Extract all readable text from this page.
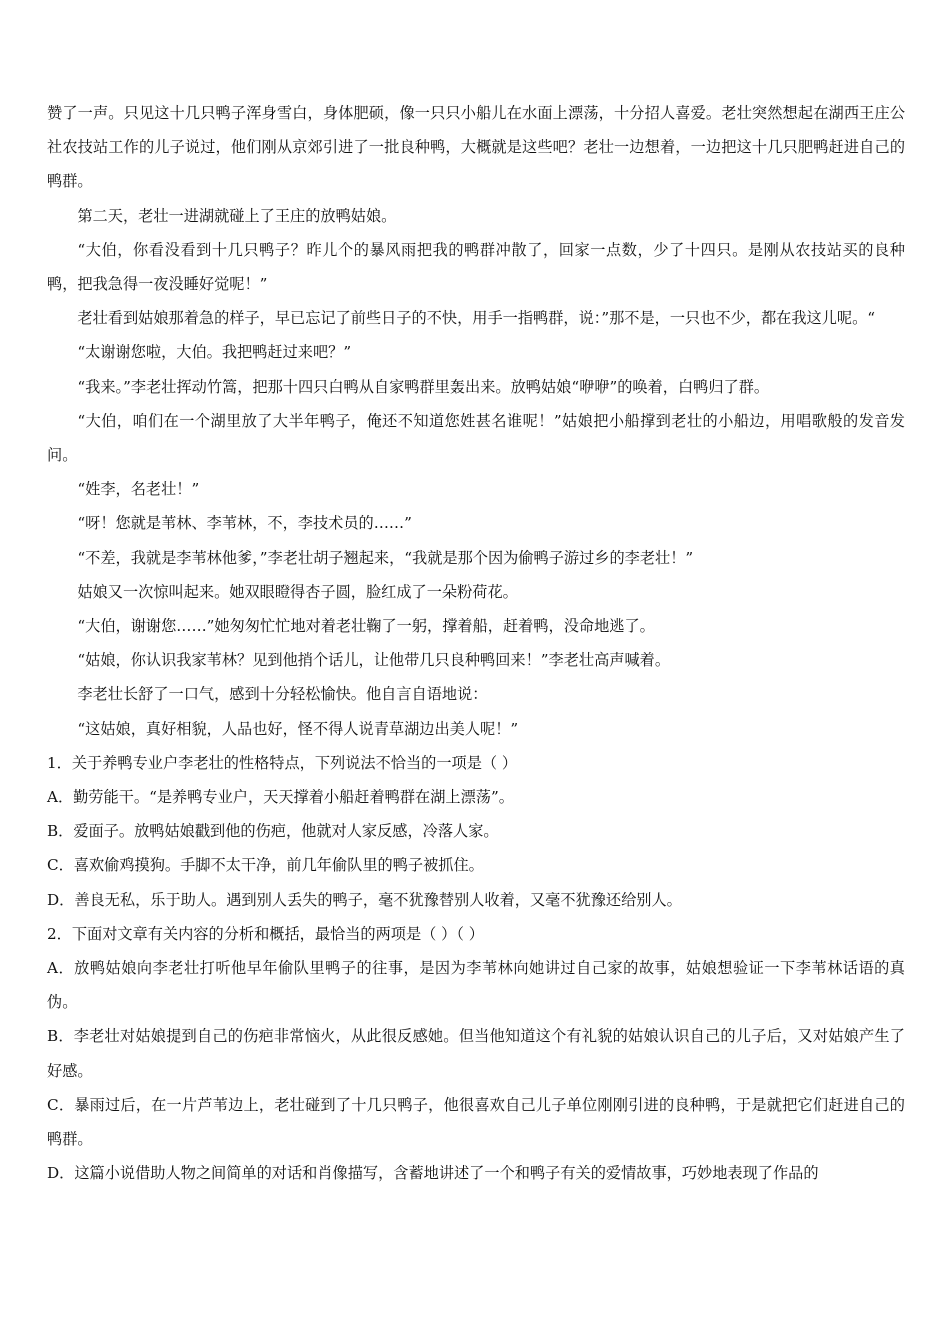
赞了一声。只见这十几只鸭子浑身雪白，身体肥硕，像一只只小船儿在水面上漂荡，十分招人喜爱。老壮突然想起在湖西王庄公社农技站工作的儿子说过，他们刚从京郊引进了一批良种鸭，大概就是这些吧？老壮一边想着，一边把这十几只肥鸭赶进自己的鸭群。

第二天，老壮一进湖就碰上了王庄的放鸭姑娘。

“大伯，你看没看到十几只鸭子？昨儿个的暴风雨把我的鸭群冲散了，回家一点数，少了十四只。是刚从农技站买的良种鸭，把我急得一夜没睡好觉呢！”

老壮看到姑娘那着急的样子，早已忘记了前些日子的不快，用手一指鸭群，说：”那不是，一只也不少，都在我这儿呢。“

“太谢谢您啦，大伯。我把鸭赶过来吧？”

“我来。”李老壮挥动竹篙，把那十四只白鸭从自家鸭群里轰出来。放鸭姑娘“咿咿”的唤着，白鸭归了群。

“大伯，咱们在一个湖里放了大半年鸭子，俺还不知道您姓甚名谁呢！”姑娘把小船撑到老壮的小船边，用唱歌般的发音发问。

“姓李，名老壮！”

“呀！您就是苇林、李苇林，不，李技术员的……”

“不差，我就是李苇林他爹，”李老壮胡子翘起来，“我就是那个因为偷鸭子游过乡的李老壮！”

姑娘又一次惊叫起来。她双眼瞪得杏子圆，脸红成了一朵粉荷花。

“大伯，谢谢您……”她匆匆忙忙地对着老壮鞠了一躬，撑着船，赶着鸭，没命地逃了。

“姑娘，你认识我家苇林？见到他捎个话儿，让他带几只良种鸭回来！”李老壮高声喊着。

李老壮长舒了一口气，感到十分轻松愉快。他自言自语地说：

“这姑娘，真好相貌，人品也好，怪不得人说青草湖边出美人呢！”

1．关于养鸭专业户李老壮的性格特点，下列说法不恰当的一项是（ ）

A．勤劳能干。“是养鸭专业户，天天撑着小船赶着鸭群在湖上漂荡”。

B．爱面子。放鸭姑娘戳到他的伤疤，他就对人家反感，冷落人家。

C．喜欢偷鸡摸狗。手脚不太干净，前几年偷队里的鸭子被抓住。

D．善良无私，乐于助人。遇到别人丢失的鸭子，毫不犹豫替别人收着，又毫不犹豫还给别人。

2．下面对文章有关内容的分析和概括，最恰当的两项是（ ）（ ）

A．放鸭姑娘向李老壮打听他早年偷队里鸭子的往事，是因为李苇林向她讲过自己家的故事，姑娘想验证一下李苇林话语的真伪。

B．李老壮对姑娘提到自己的伤疤非常恼火，从此很反感她。但当他知道这个有礼貌的姑娘认识自己的儿子后，又对姑娘产生了好感。

C．暴雨过后，在一片芦苇边上，老壮碰到了十几只鸭子，他很喜欢自己儿子单位刚刚引进的良种鸭，于是就把它们赶进自己的鸭群。

D．这篇小说借助人物之间简单的对话和肖像描写，含蓄地讲述了一个和鸭子有关的爱情故事，巧妙地表现了作品的
